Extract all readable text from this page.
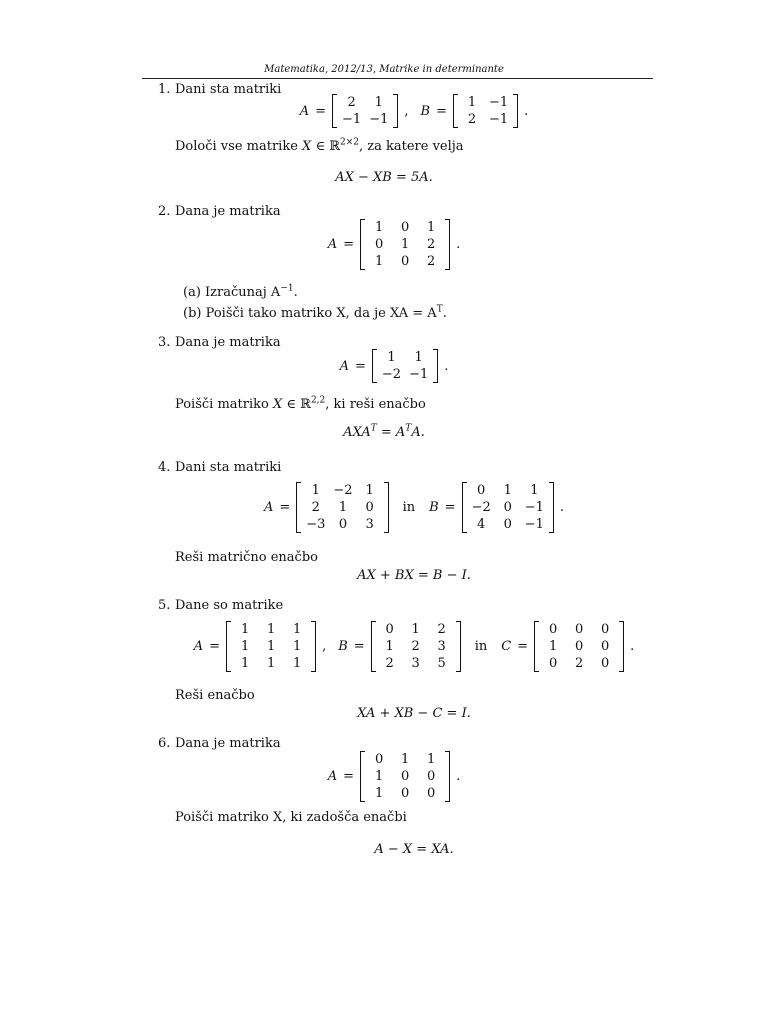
Matematika, 2012/13, Matrike in determinante
1. Dani sta matriki
A =
2	1
−1 −1
, B =
1 −1
2 −1
.
Določi vse matrike X ∈ ℝ$^{2\times 2}$, za katere velja
AX − XB = 5A.
2. Dana je matrika
A =
1	0	1
0	1	2
1	0	2
.
(a) Izračunaj $A^{-1}$.
(b) Poišči tako matriko X, da je XA = $A^T$.
3. Dana je matrika
A =
1	1
−2 −1
.
Poišči matriko X ∈ ℝ$^{2,2}$, ki reši enačbo
$AXA^T = A^TA$.
4. Dani sta matriki
A =
1	−2 1
2	1	0
−3	0	3
in B =
0	1	1
−2 0 −1
4	0 −1
.
Reši matrično enačbo
AX + BX = B − I.
5. Dane so matrike
A =
1	1	1
1	1	1
1	1	1
, B =
0	1	2
1	2	3
2	3	5
in C =
0	0	0
1	0	0
0	2	0
.
Reši enačbo
XA + XB − C = I.
6. Dana je matrika
A =
0	1	1
1	0	0
1	0	0
.
Poišči matriko X, ki zadošča enačbi
A − X = XA.
